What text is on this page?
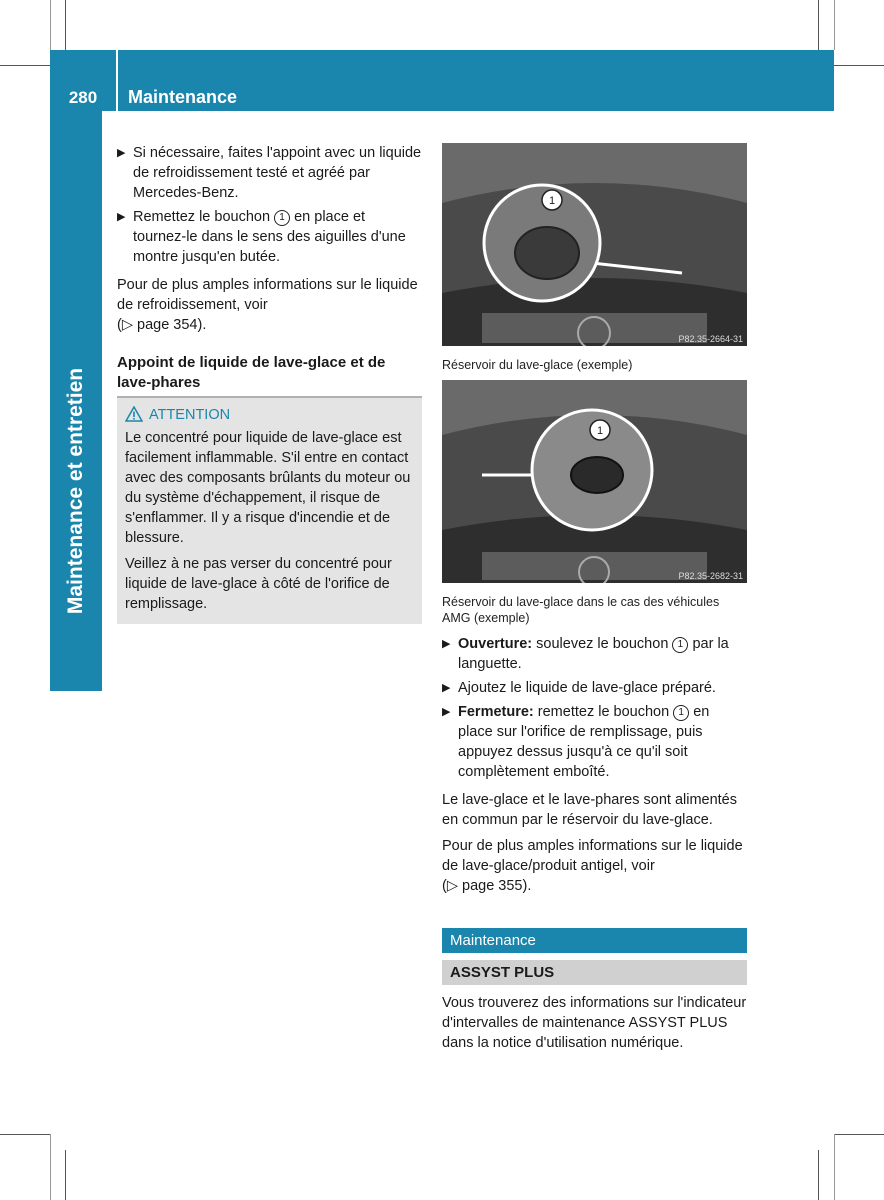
280	Maintenance
Maintenance et entretien
▶ Si nécessaire, faites l'appoint avec un liquide de refroidissement testé et agréé par Mercedes-Benz.
▶ Remettez le bouchon 1 en place et tournez-le dans le sens des aiguilles d'une montre jusqu'en butée.
Pour de plus amples informations sur le liquide de refroidissement, voir
(▷ page 354).
Appoint de liquide de lave-glace et de lave-phares
ATTENTION
Le concentré pour liquide de lave-glace est facilement inflammable. S'il entre en contact avec des composants brûlants du moteur ou du système d'échappement, il risque de s'enflammer. Il y a risque d'incendie et de blessure.
Veillez à ne pas verser du concentré pour liquide de lave-glace à côté de l'orifice de remplissage.
1
P82.35-2664-31
Réservoir du lave-glace (exemple)
1
P82.35-2682-31
Réservoir du lave-glace dans le cas des véhicules AMG (exemple)
▶ Ouverture: soulevez le bouchon 1 par la languette.
▶ Ajoutez le liquide de lave-glace préparé.
▶ Fermeture: remettez le bouchon 1 en place sur l'orifice de remplissage, puis appuyez dessus jusqu'à ce qu'il soit complètement emboîté.
Le lave-glace et le lave-phares sont alimentés en commun par le réservoir du lave-glace.
Pour de plus amples informations sur le liquide de lave-glace/produit antigel, voir
(▷ page 355).
Maintenance
ASSYST PLUS
Vous trouverez des informations sur l'indicateur d'intervalles de maintenance ASSYST PLUS dans la notice d'utilisation numérique.
